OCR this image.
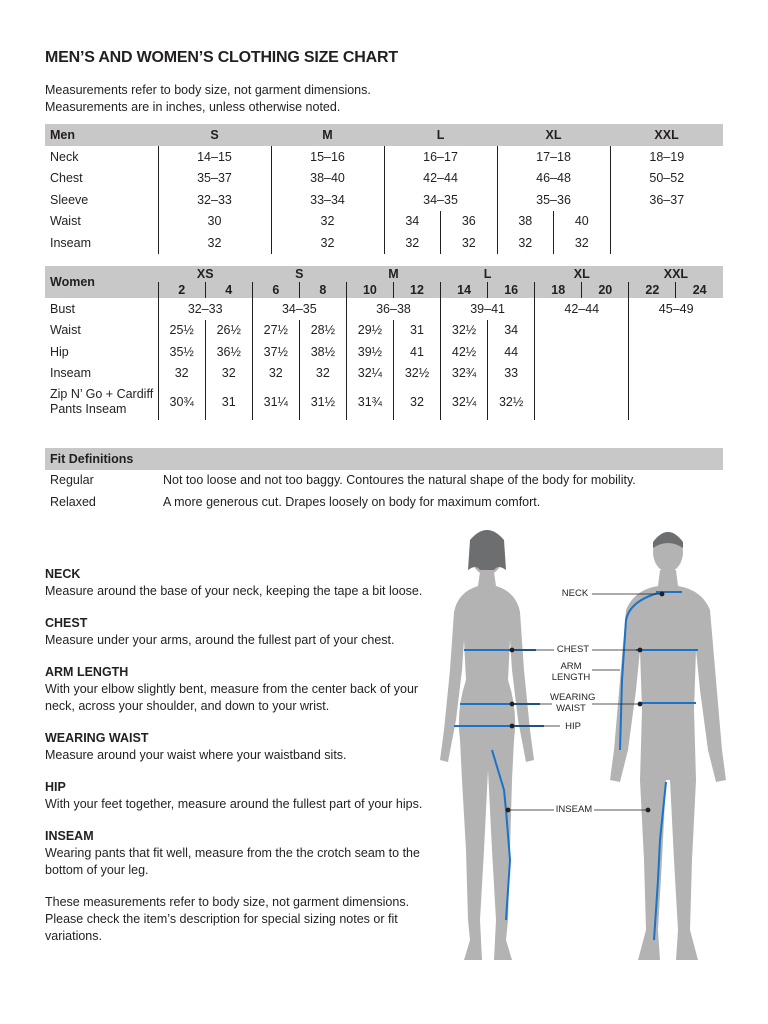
MEN’S AND WOMEN’S CLOTHING SIZE CHART
Measurements refer to body size, not garment dimensions.
Measurements are in inches, unless otherwise noted.
Men	S	M	L		XL		XXL
Neck	14–15	15–16	16–17		17–18		18–19
Chest	35–37	38–40	42–44		46–48		50–52
Sleeve	32–33	33–34	34–35		35–36		36–37
Waist	30	32	34	36	38	40	
Inseam	32	32	32	32	32	32	
Women	XS		S		M		L		XL		XXL	
	2	4	6	8	10	12	14	16	18	20	22	24
Bust	32–33		34–35		36–38		39–41		42–44		45–49	
Waist	25½	26½	27½	28½	29½	31	32½	34				
Hip	35½	36½	37½	38½	39½	41	42½	44				
Inseam	32	32	32	32	32¼	32½	32¾	33				

Zip N’ Go + Cardiff
Pants Inseam	30¾	31	31¼	31½	31¾	32	32¼	32½				
Fit Definitions
Regular	Not too loose and not too baggy. Contoures the natural shape of the body for mobility.
Relaxed	A more generous cut. Drapes loosely on body for maximum comfort.
NECK
Measure around the base of your neck, keeping the tape a bit loose.
CHEST
Measure under your arms, around the fullest part of your chest.
ARM LENGTH
With your elbow slightly bent, measure from the center back of your neck, across your shoulder, and down to your wrist.
WEARING WAIST
Measure around your waist where your waistband sits.
HIP
With your feet together, measure around the fullest part of your hips.
INSEAM
Wearing pants that fit well, measure from the the crotch seam to the bottom of your leg.
These measurements refer to body size, not garment dimensions. Please check the item’s description for special sizing notes or fit variations.
NECK
CHEST
ARM
LENGTH
WEARING
WAIST
HIP
INSEAM
